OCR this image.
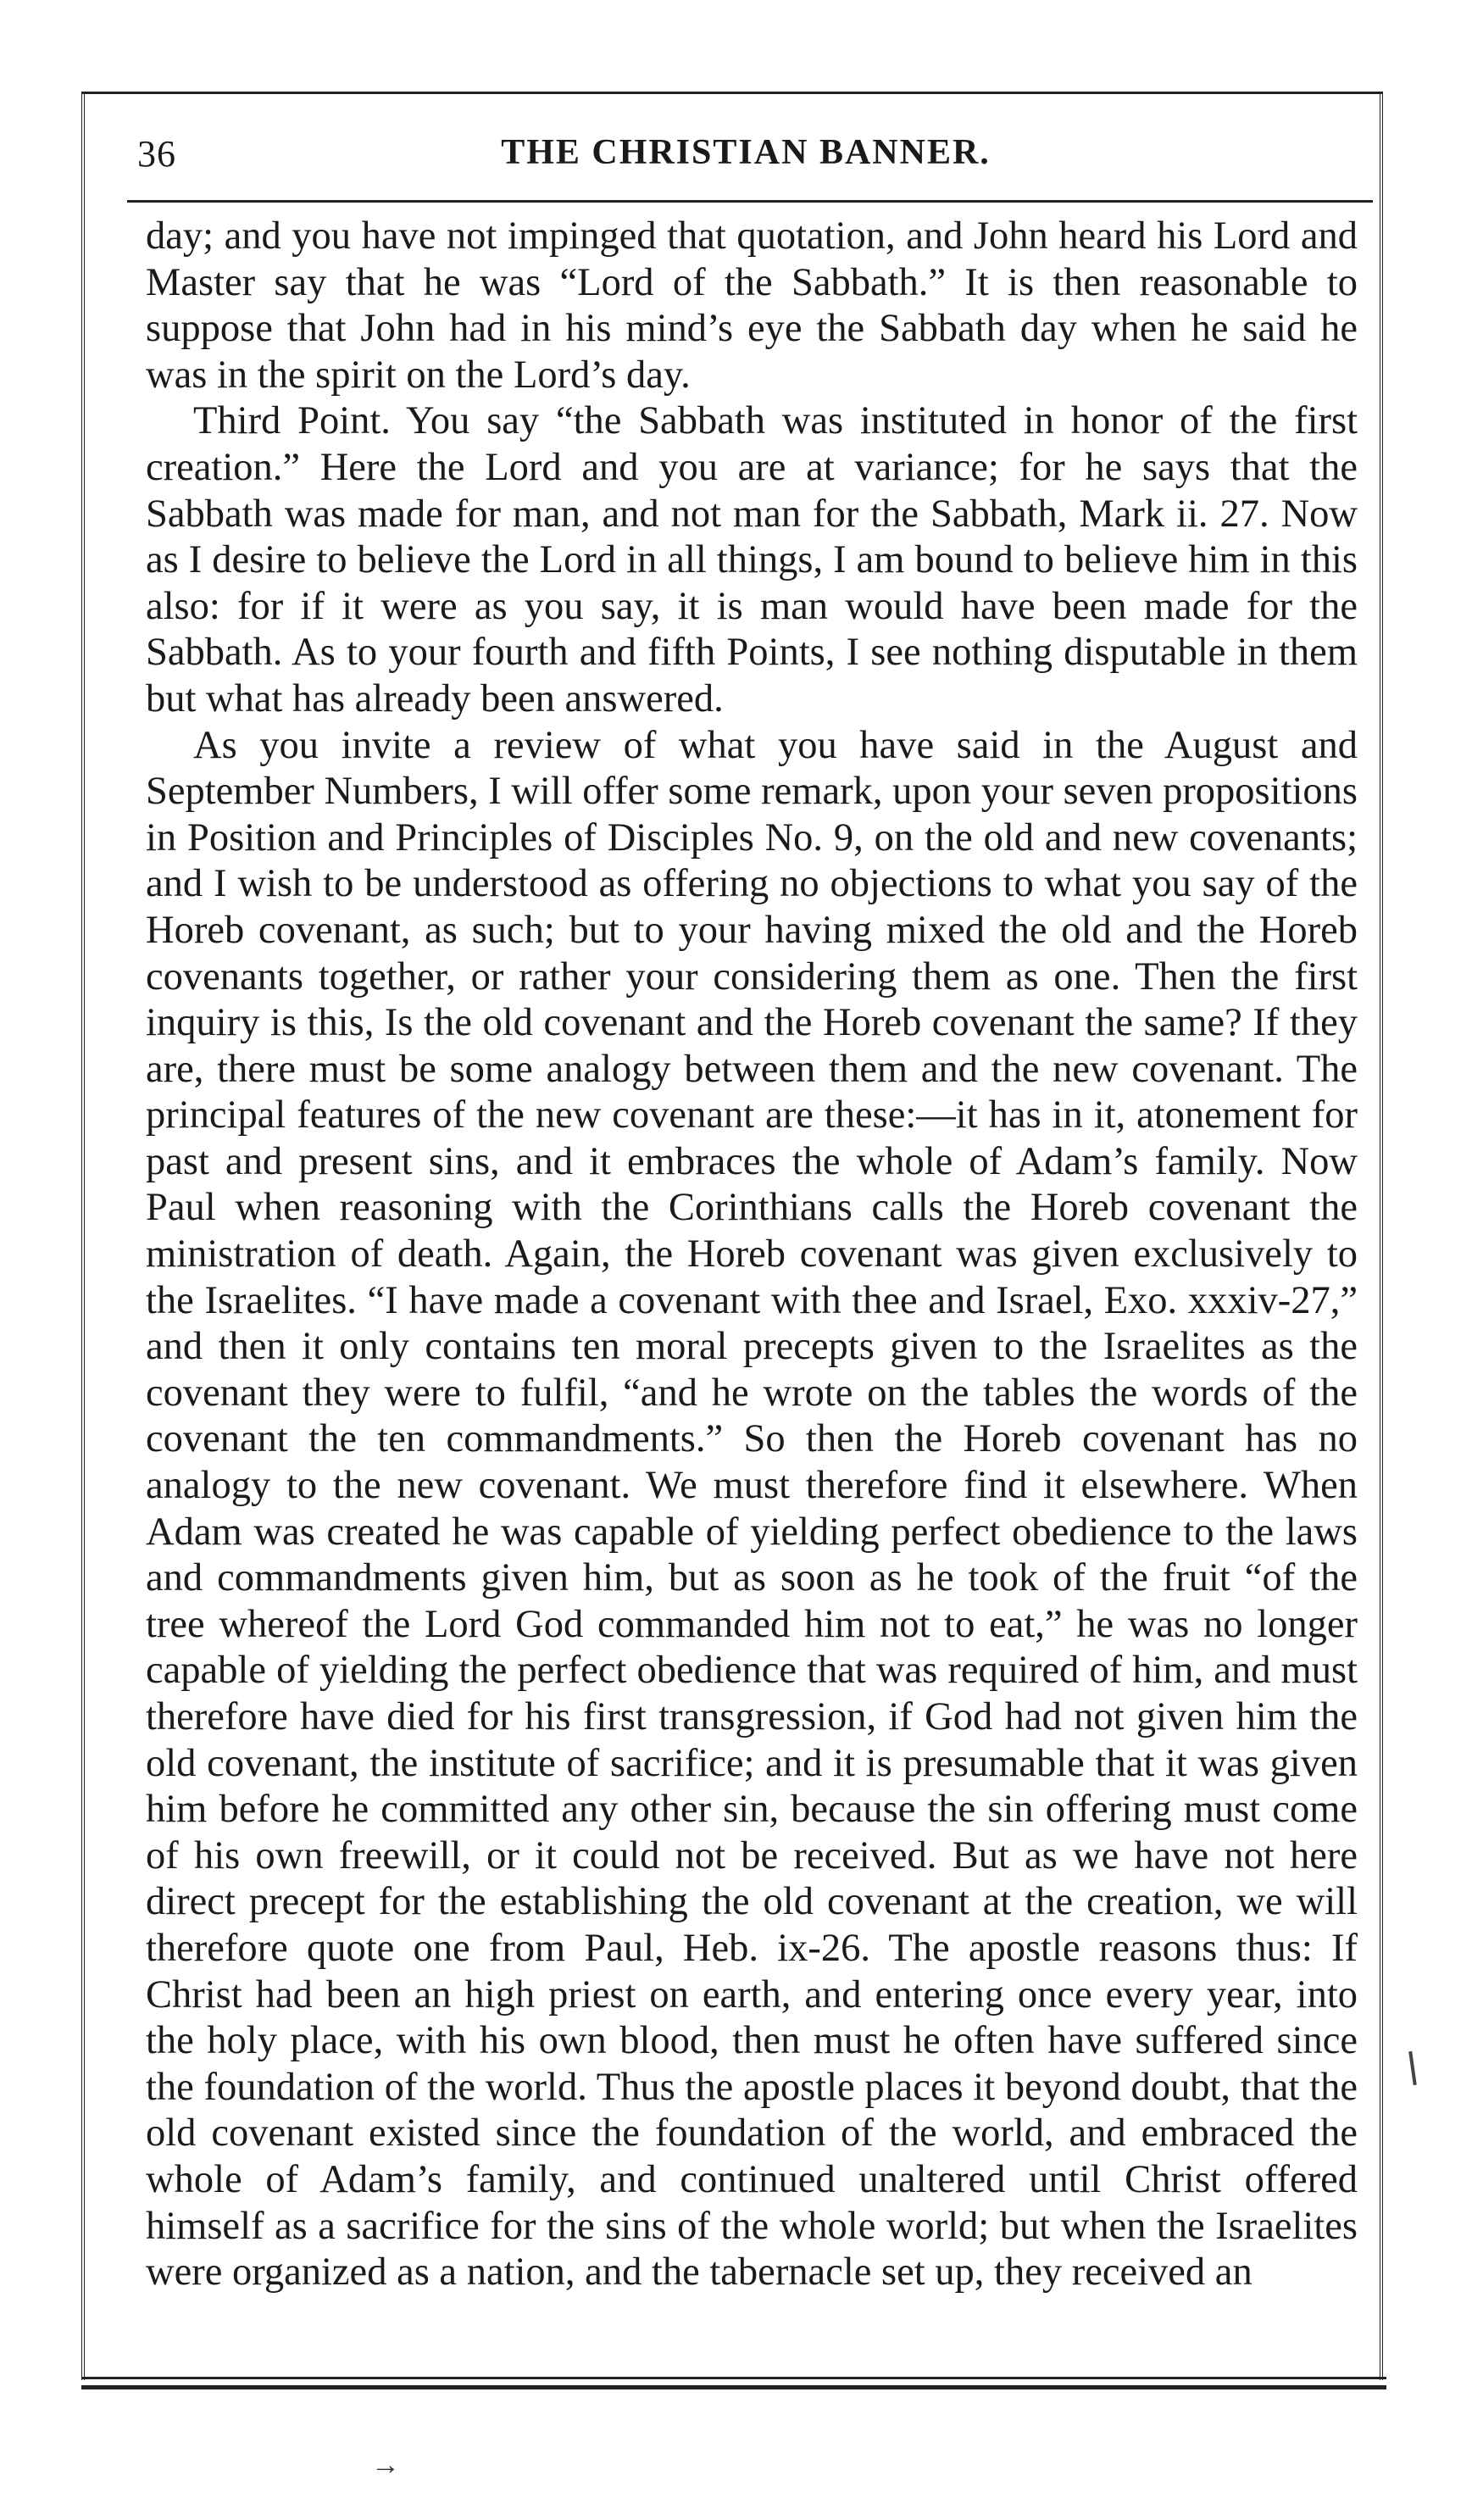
36	THE CHRISTIAN BANNER.

day; and you have not impinged that quotation, and John heard his Lord and Master say that he was “Lord of the Sabbath.” It is then reasonable to suppose that John had in his mind’s eye the Sabbath day when he said he was in the spirit on the Lord’s day.

Third Point. You say “the Sabbath was instituted in honor of the first creation.” Here the Lord and you are at variance; for he says that the Sabbath was made for man, and not man for the Sabbath, Mark ii. 27. Now as I desire to believe the Lord in all things, I am bound to believe him in this also: for if it were as you say, it is man would have been made for the Sabbath. As to your fourth and fifth Points, I see nothing disputable in them but what has already been answered.

As you invite a review of what you have said in the August and September Numbers, I will offer some remark, upon your seven propositions in Position and Principles of Disciples No. 9, on the old and new covenants; and I wish to be understood as offering no objections to what you say of the Horeb covenant, as such; but to your having mixed the old and the Horeb covenants together, or rather your considering them as one. Then the first inquiry is this, Is the old covenant and the Horeb covenant the same? If they are, there must be some analogy between them and the new covenant. The principal features of the new covenant are these:—it has in it, atonement for past and present sins, and it embraces the whole of Adam’s family. Now Paul when reasoning with the Corinthians calls the Horeb covenant the ministration of death. Again, the Horeb covenant was given exclusively to the Israelites. “I have made a covenant with thee and Israel, Exo. xxxiv-27,” and then it only contains ten moral precepts given to the Israelites as the covenant they were to fulfil, “and he wrote on the tables the words of the covenant the ten commandments.” So then the Horeb covenant has no analogy to the new covenant. We must therefore find it elsewhere. When Adam was created he was capable of yielding perfect obedience to the laws and commandments given him, but as soon as he took of the fruit “of the tree whereof the Lord God commanded him not to eat,” he was no longer capable of yielding the perfect obedience that was required of him, and must therefore have died for his first transgression, if God had not given him the old covenant, the institute of sacrifice; and it is presumable that it was given him before he committed any other sin, because the sin offering must come of his own freewill, or it could not be received. But as we have not here direct precept for the establishing the old covenant at the creation, we will therefore quote one from Paul, Heb. ix-26. The apostle reasons thus: If Christ had been an high priest on earth, and entering once every year, into the holy place, with his own blood, then must he often have suffered since the foundation of the world. Thus the apostle places it beyond doubt, that the old covenant existed since the foundation of the world, and embraced the whole of Adam’s family, and continued unaltered until Christ offered himself as a sacrifice for the sins of the whole world; but when the Israelites were organized as a nation, and the tabernacle set up, they received an

→
